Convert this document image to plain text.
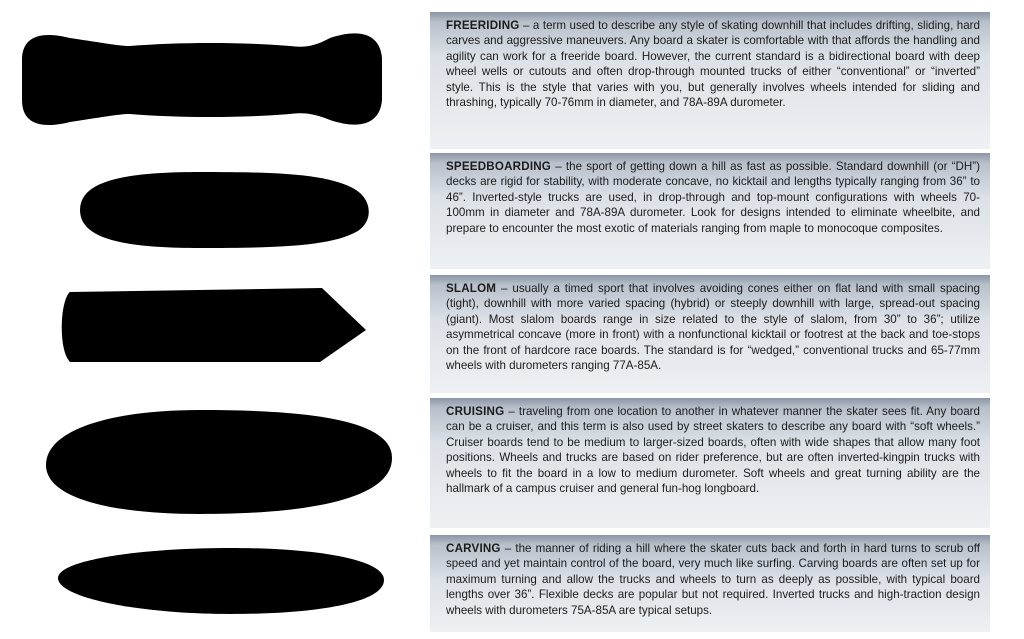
FREERIDING – a term used to describe any style of skating downhill that includes drifting, sliding, hard carves and aggressive maneuvers. Any board a skater is comfortable with that affords the handling and agility can work for a freeride board. However, the current standard is a bidirectional board with deep wheel wells or cutouts and often drop-through mounted trucks of either “conventional” or “inverted” style. This is the style that varies with you, but generally involves wheels intended for sliding and thrashing, typically 70-76mm in diameter, and 78A-89A durometer.
SPEEDBOARDING – the sport of getting down a hill as fast as possible. Standard downhill (or “DH”) decks are rigid for stability, with moderate concave, no kicktail and lengths typically ranging from 36” to 46”. Inverted-style trucks are used, in drop-through and top-mount configurations with wheels 70-100mm in diameter and 78A-89A durometer. Look for designs intended to eliminate wheelbite, and prepare to encounter the most exotic of materials ranging from maple to monocoque composites.
SLALOM – usually a timed sport that involves avoiding cones either on flat land with small spacing (tight), downhill with more varied spacing (hybrid) or steeply downhill with large, spread-out spacing (giant). Most slalom boards range in size related to the style of slalom, from 30” to 36”; utilize asymmetrical concave (more in front) with a nonfunctional kicktail or footrest at the back and toe-stops on the front of hardcore race boards. The standard is for “wedged,” conventional trucks and 65-77mm wheels with durometers ranging 77A-85A.
CRUISING – traveling from one location to another in whatever manner the skater sees fit. Any board can be a cruiser, and this term is also used by street skaters to describe any board with “soft wheels.” Cruiser boards tend to be medium to larger-sized boards, often with wide shapes that allow many foot positions. Wheels and trucks are based on rider preference, but are often inverted-kingpin trucks with wheels to fit the board in a low to medium durometer. Soft wheels and great turning ability are the hallmark of a campus cruiser and general fun-hog longboard.
CARVING – the manner of riding a hill where the skater cuts back and forth in hard turns to scrub off speed and yet maintain control of the board, very much like surfing. Carving boards are often set up for maximum turning and allow the trucks and wheels to turn as deeply as possible, with typical board lengths over 36”. Flexible decks are popular but not required. Inverted trucks and high-traction design wheels with durometers 75A-85A are typical setups.
